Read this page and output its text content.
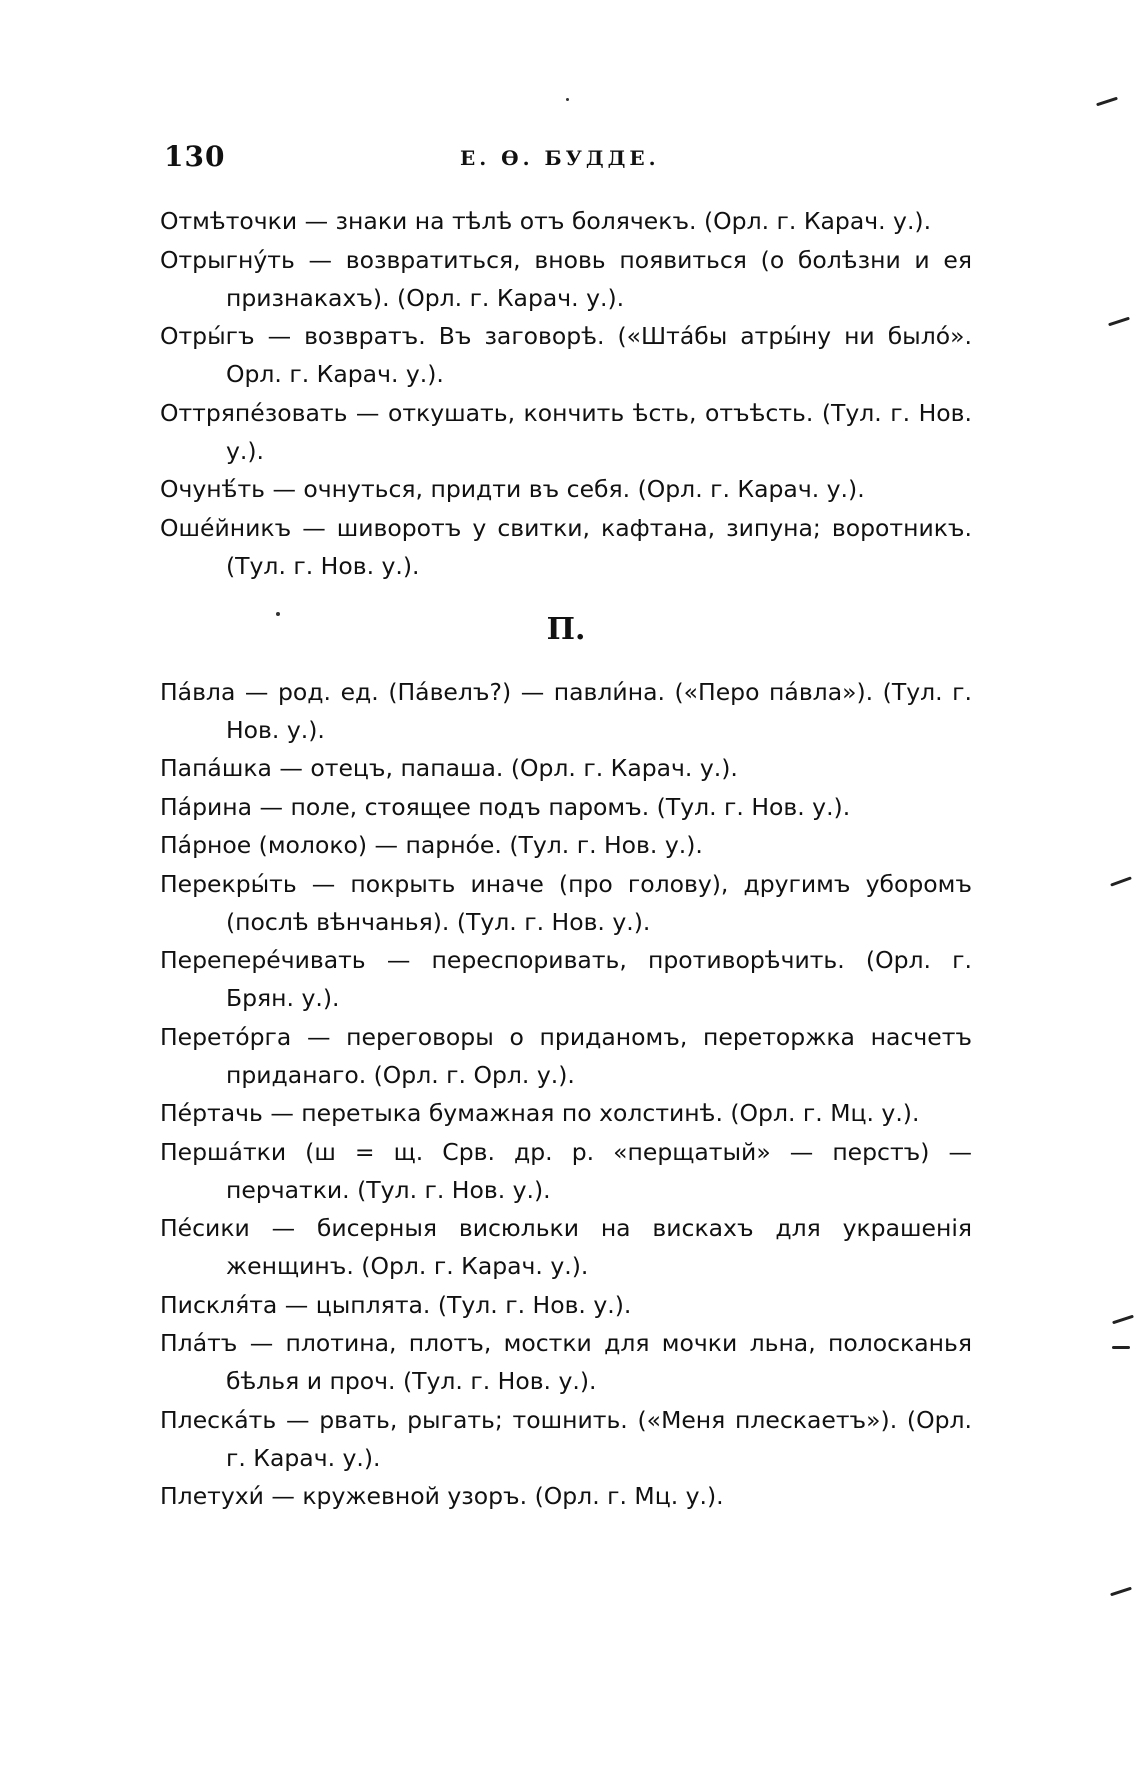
130	Е. Ѳ. БУДДЕ.

Отмѣточки — знаки на тѣлѣ отъ болячекъ. (Орл. г. Карач. у.).

Отрыгну́ть — возвратиться, вновь появиться (о болѣзни и ея признакахъ). (Орл. г. Карач. у.).

Отры́гъ — возвратъ. Въ заговорѣ. («Шта́бы атры́ну ни было́». Орл. г. Карач. у.).

Оттряпе́зовать — откушать, кончить ѣсть, отъѣсть. (Тул. г. Нов. у.).

Очунѣ́ть — очнуться, придти въ себя. (Орл. г. Карач. у.).

Оше́йникъ — шиворотъ у свитки, кафтана, зипуна; воротникъ. (Тул. г. Нов. у.).

П.

Па́вла — род. ед. (Па́велъ?) — павли́на. («Перо па́вла»). (Тул. г. Нов. у.).

Папа́шка — отецъ, папаша. (Орл. г. Карач. у.).

Па́рина — поле, стоящее подъ паромъ. (Тул. г. Нов. у.).

Па́рное (молоко) — парно́е. (Тул. г. Нов. у.).

Перекры́ть — покрыть иначе (про голову), другимъ уборомъ (послѣ вѣнчанья). (Тул. г. Нов. у.).

Перепере́чивать — переспоривать, противорѣчить. (Орл. г. Брян. у.).

Перето́рга — переговоры о приданомъ, переторжка насчетъ приданаго. (Орл. г. Орл. у.).

Пе́ртачь — перетыка бумажная по холстинѣ. (Орл. г. Мц. у.).

Перша́тки (ш = щ. Срв. др. р. «перщатый» — перстъ) — перчатки. (Тул. г. Нов. у.).

Пе́сики — бисерныя висюльки на вискахъ для украшенія женщинъ. (Орл. г. Карач. у.).

Пискля́та — цыплята. (Тул. г. Нов. у.).

Пла́тъ — плотина, плотъ, мостки для мочки льна, полосканья бѣлья и проч. (Тул. г. Нов. у.).

Плеска́ть — рвать, рыгать; тошнить. («Меня плескаетъ»). (Орл. г. Карач. у.).

Плетухи́ — кружевной узоръ. (Орл. г. Мц. у.).
